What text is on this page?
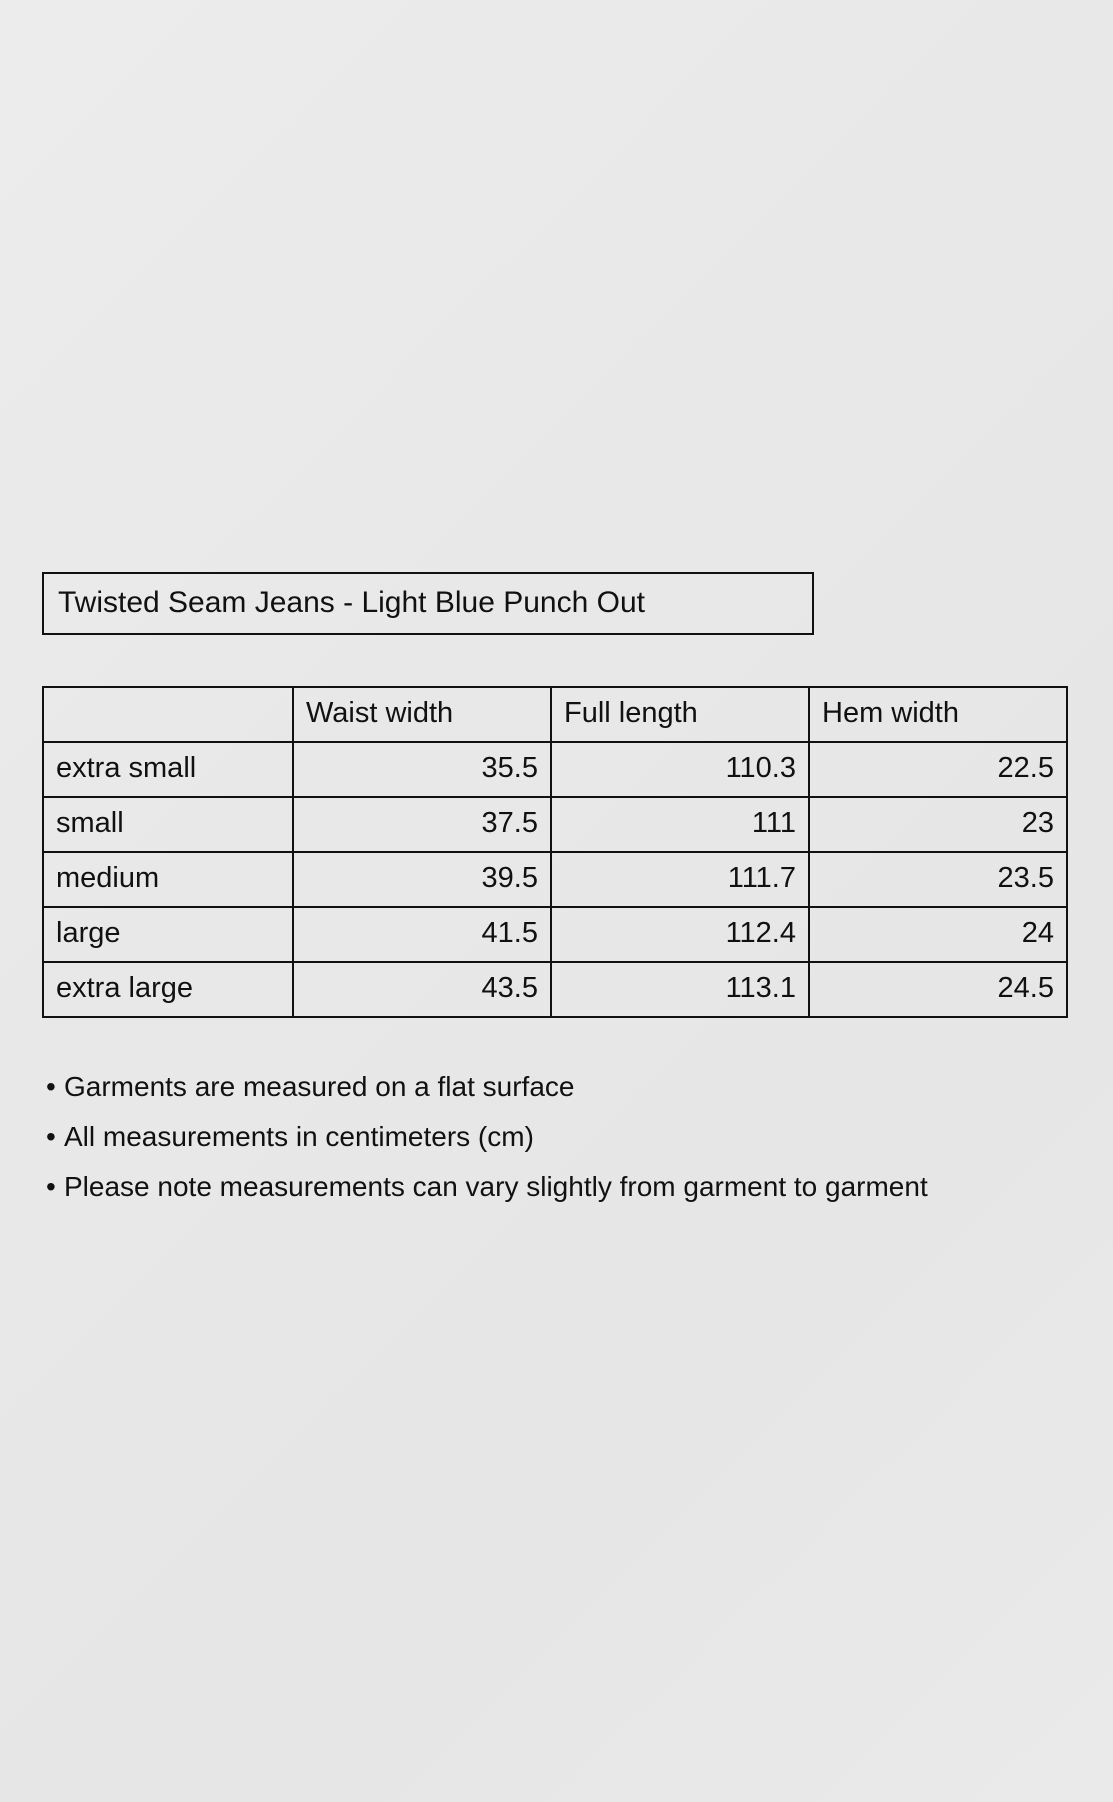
Twisted Seam Jeans - Light Blue Punch Out
	Waist width	Full length	Hem width
extra small	35.5	110.3	22.5
small	37.5	111	23
medium	39.5	111.7	23.5
large	41.5	112.4	24
extra large	43.5	113.1	24.5
• Garments are measured on a flat surface
• All measurements in centimeters (cm)
• Please note measurements can vary slightly from garment to garment
